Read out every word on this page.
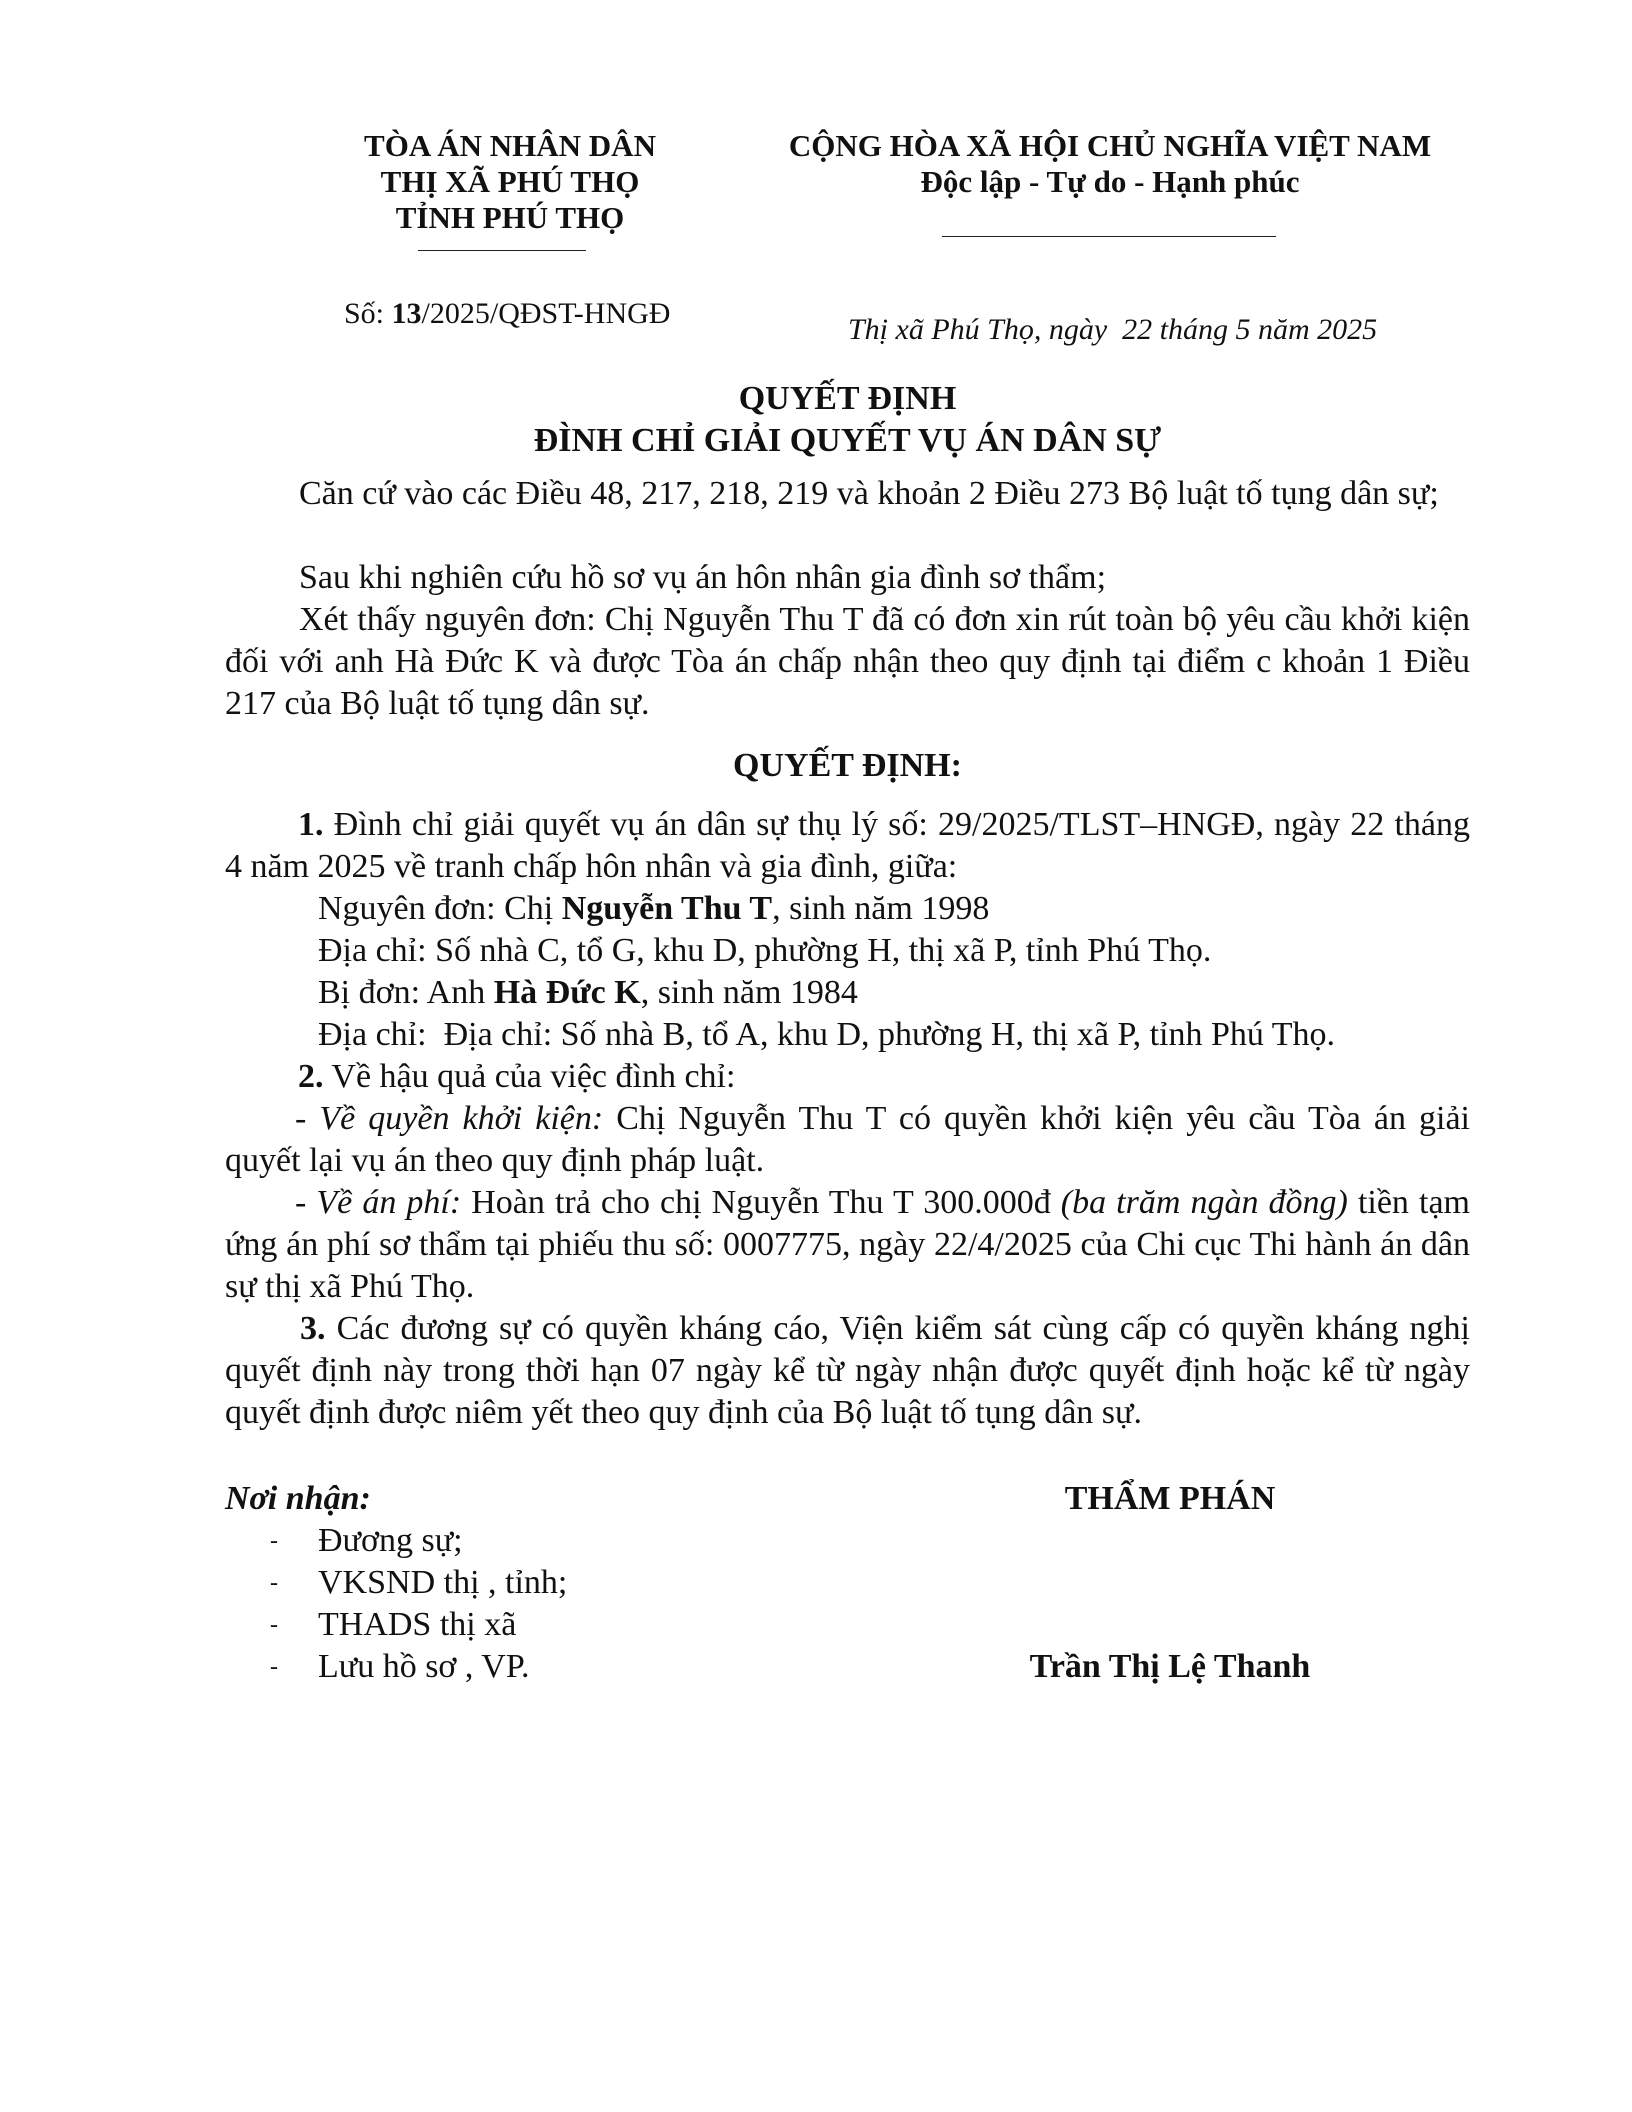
TÒA ÁN NHÂN DÂN
THỊ XÃ PHÚ THỌ
TỈNH PHÚ THỌ
CỘNG HÒA XÃ HỘI CHỦ NGHĨA VIỆT NAM
Độc lập - Tự do - Hạnh phúc
Số: 13/2025/QĐST-HNGĐ	Thị xã Phú Thọ, ngày  22 tháng 5 năm 2025
QUYẾT ĐỊNH
ĐÌNH CHỈ GIẢI QUYẾT VỤ ÁN DÂN SỰ
Căn cứ vào các Điều 48, 217, 218, 219 và khoản 2 Điều 273 Bộ luật tố tụng dân sự;
Sau khi nghiên cứu hồ sơ vụ án hôn nhân gia đình sơ thẩm;
Xét thấy nguyên đơn: Chị Nguyễn Thu T đã có đơn xin rút toàn bộ yêu cầu khởi kiện đối với anh Hà Đức K và được Tòa án chấp nhận theo quy định tại điểm c khoản 1 Điều 217 của Bộ luật tố tụng dân sự.
QUYẾT ĐỊNH:
1. Đình chỉ giải quyết vụ án dân sự thụ lý số: 29/2025/TLST–HNGĐ, ngày 22 tháng 4 năm 2025 về tranh chấp hôn nhân và gia đình, giữa:
Nguyên đơn: Chị Nguyễn Thu T, sinh năm 1998
Địa chỉ: Số nhà C, tổ G, khu D, phường H, thị xã P, tỉnh Phú Thọ.
Bị đơn: Anh Hà Đức K, sinh năm 1984
Địa chỉ:  Địa chỉ: Số nhà B, tổ A, khu D, phường H, thị xã P, tỉnh Phú Thọ.
2. Về hậu quả của việc đình chỉ:
- Về quyền khởi kiện: Chị Nguyễn Thu T có quyền khởi kiện yêu cầu Tòa án giải quyết lại vụ án theo quy định pháp luật.
- Về án phí: Hoàn trả cho chị Nguyễn Thu T 300.000đ (ba trăm ngàn đồng) tiền tạm ứng án phí sơ thẩm tại phiếu thu số: 0007775, ngày 22/4/2025 của Chi cục Thi hành án dân sự thị xã Phú Thọ.
3. Các đương sự có quyền kháng cáo, Viện kiểm sát cùng cấp có quyền kháng nghị quyết định này trong thời hạn 07 ngày kể từ ngày nhận được quyết định hoặc kể từ ngày quyết định được niêm yết theo quy định của Bộ luật tố tụng dân sự.
Nơi nhận:
- Đương sự;
- VKSND thị , tỉnh;
- THADS thị xã
- Lưu hồ sơ , VP.
THẨM PHÁN
Trần Thị Lệ Thanh
